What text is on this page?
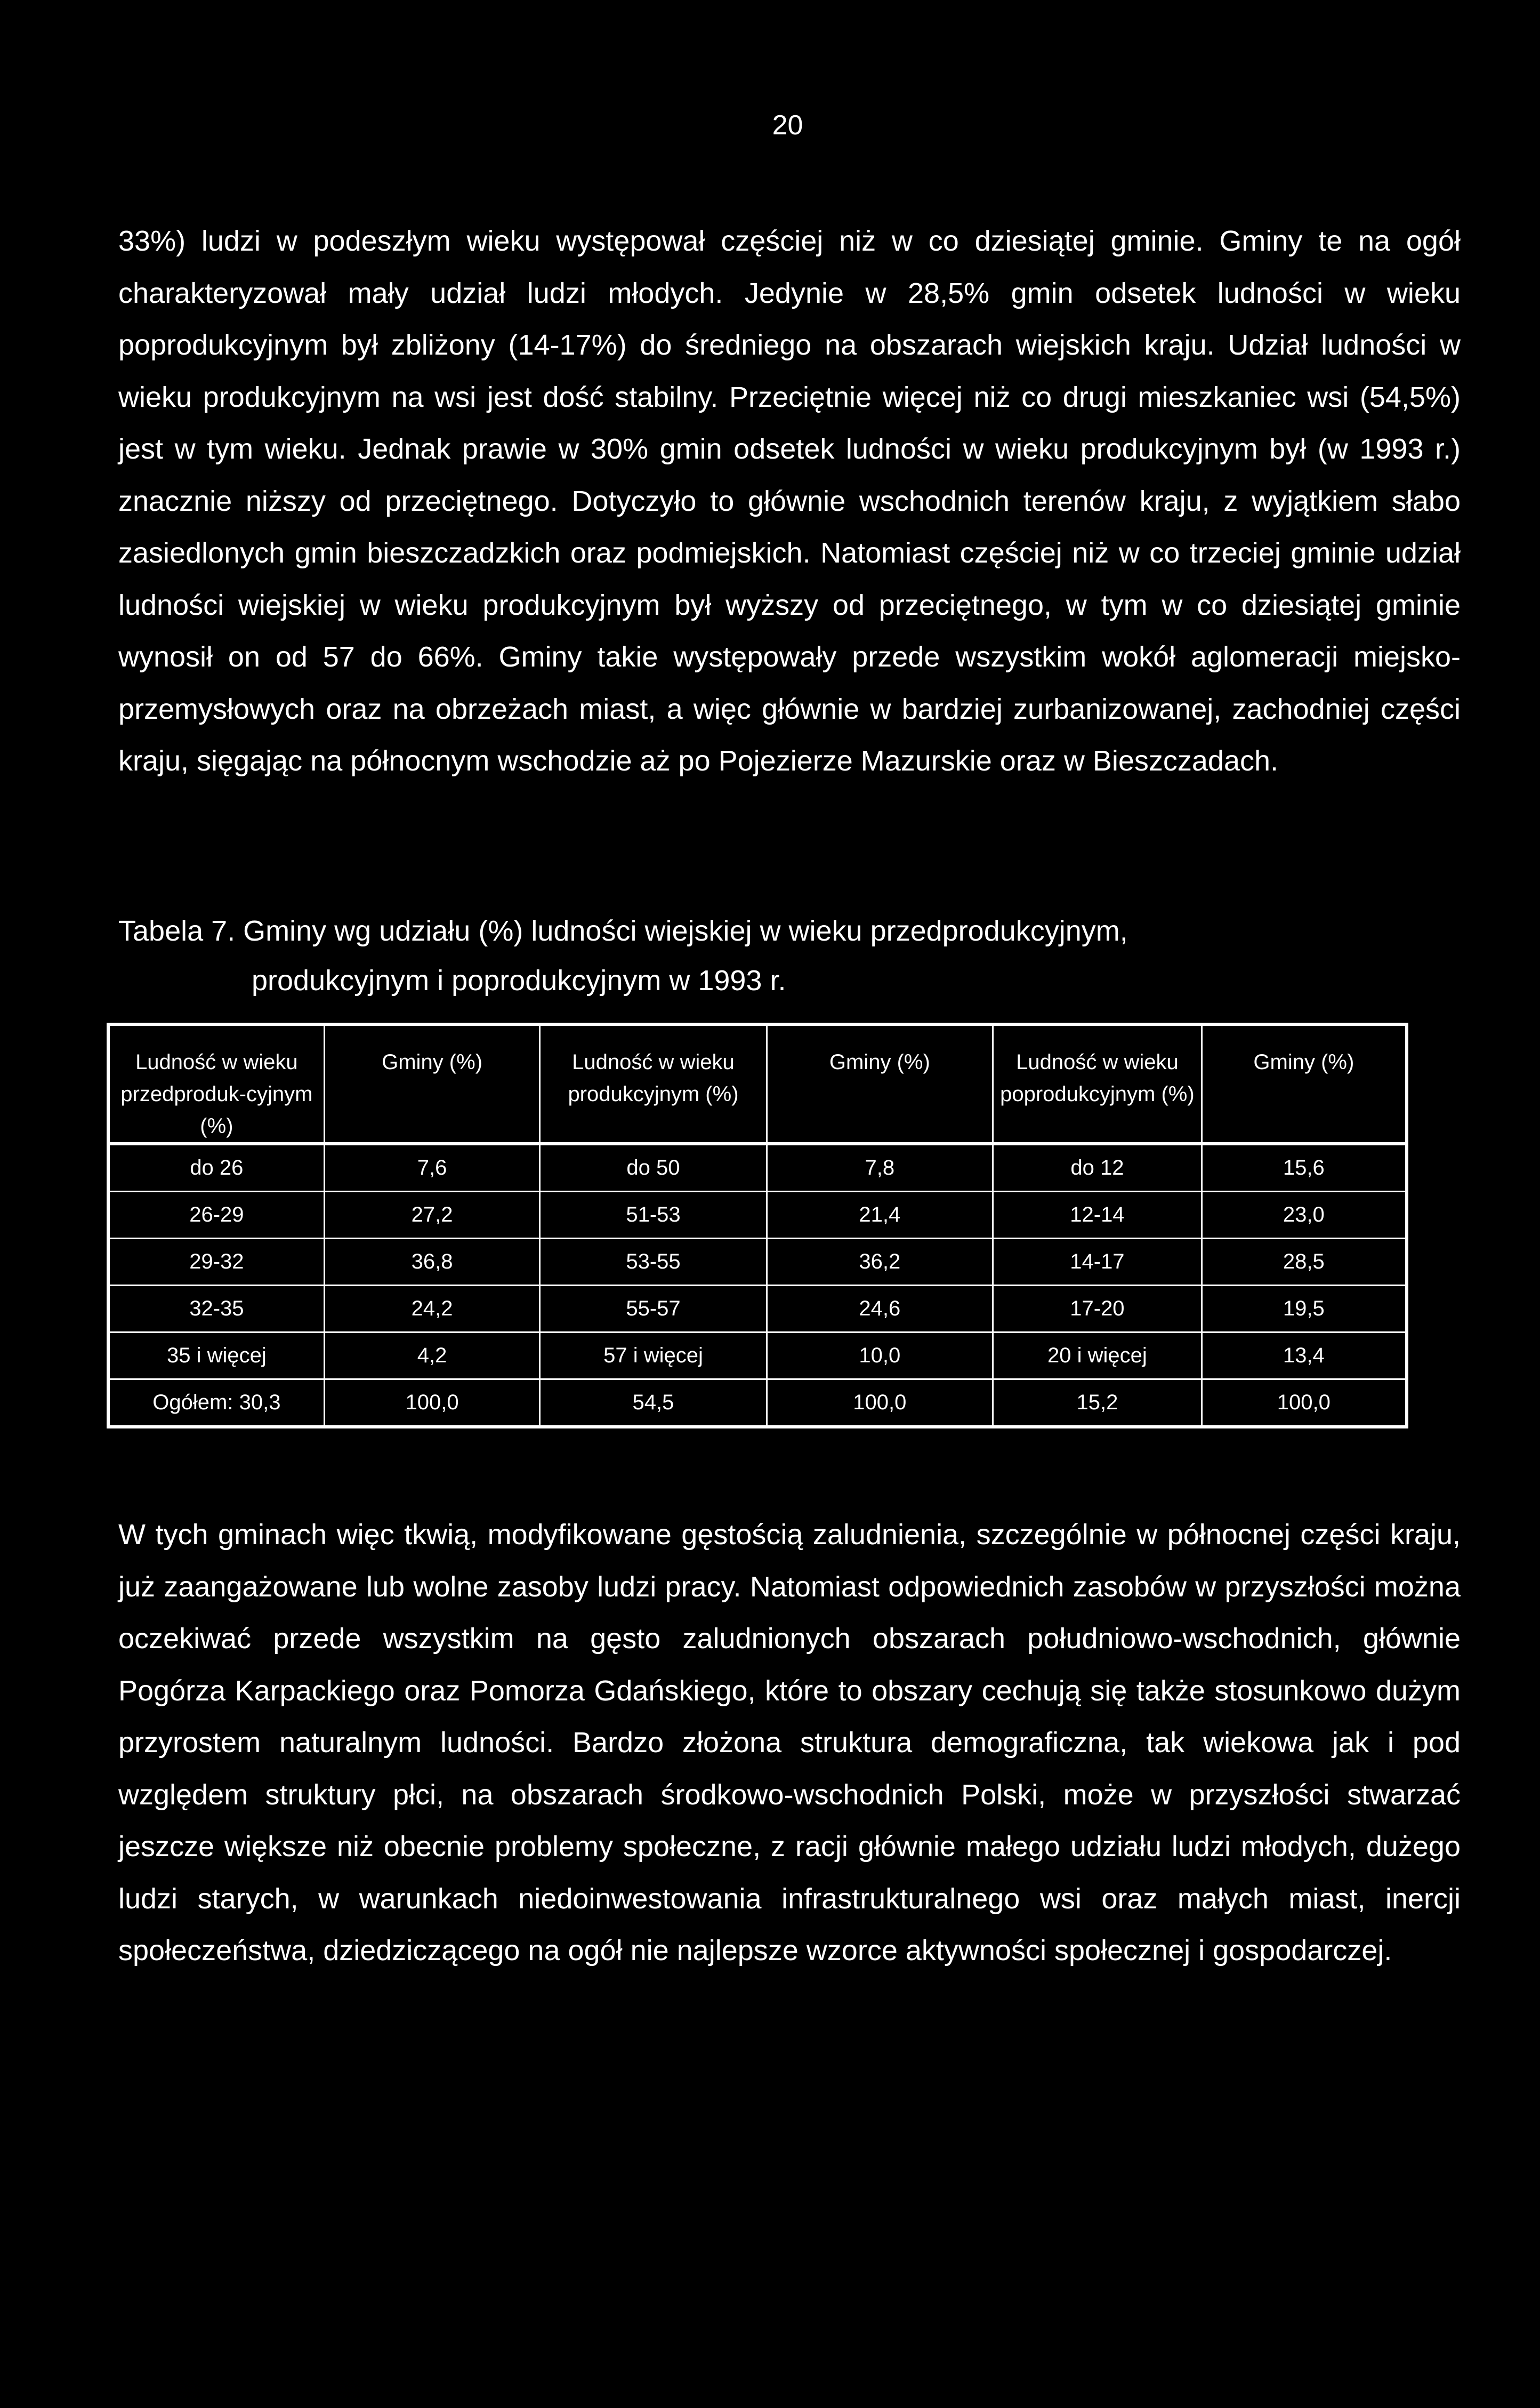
20

33%) ludzi w podeszłym wieku występował częściej niż w co dziesiątej gminie. Gminy te na ogół charakteryzował mały udział ludzi młodych. Jedynie w 28,5% gmin odsetek ludności w wieku poprodukcyjnym był zbliżony (14-17%) do średniego na obszarach wiejskich kraju. Udział ludności w wieku produkcyjnym na wsi jest dość stabilny. Przeciętnie więcej niż co drugi mieszkaniec wsi (54,5%) jest w tym wieku. Jednak prawie w 30% gmin odsetek ludności w wieku produkcyjnym był (w 1993 r.) znacznie niższy od przeciętnego. Dotyczyło to głównie wschodnich terenów kraju, z wyjątkiem słabo zasiedlonych gmin bieszczadzkich oraz podmiejskich. Natomiast częściej niż w co trzeciej gminie udział ludności wiejskiej w wieku produkcyjnym był wyższy od przeciętnego, w tym w co dziesiątej gminie wynosił on od 57 do 66%. Gminy takie występowały przede wszystkim wokół aglomeracji miejsko-przemysłowych oraz na obrzeżach miast, a więc głównie w bardziej zurbanizowanej, zachodniej części kraju, sięgając na północnym wschodzie aż po Pojezierze Mazurskie oraz w Bieszczadach.

Tabela 7. Gminy wg udziału (%) ludności wiejskiej w wieku przedprodukcyjnym,
produkcyjnym i poprodukcyjnym w 1993 r.
Ludność w wieku przedproduk-cyjnym (%)	Gminy (%)	Ludność w wieku produkcyjnym (%)	Gminy (%)	Ludność w wieku poprodukcyjnym (%)	Gminy (%)
do 26	7,6	do 50	7,8	do 12	15,6
26-29	27,2	51-53	21,4	12-14	23,0
29-32	36,8	53-55	36,2	14-17	28,5
32-35	24,2	55-57	24,6	17-20	19,5
35 i więcej	4,2	57 i więcej	10,0	20 i więcej	13,4
Ogółem: 30,3	100,0	54,5	100,0	15,2	100,0

W tych gminach więc tkwią, modyfikowane gęstością zaludnienia, szczególnie w północnej części kraju, już zaangażowane lub wolne zasoby ludzi pracy. Natomiast odpowiednich zasobów w przyszłości można oczekiwać przede wszystkim na gęsto zaludnionych obszarach południowo-wschodnich, głównie Pogórza Karpackiego oraz Pomorza Gdańskiego, które to obszary cechują się także stosunkowo dużym przyrostem naturalnym ludności. Bardzo złożona struktura demograficzna, tak wiekowa jak i pod względem struktury płci, na obszarach środkowo-wschodnich Polski, może w przyszłości stwarzać jeszcze większe niż obecnie problemy społeczne, z racji głównie małego udziału ludzi młodych, dużego ludzi starych, w warunkach niedoinwestowania infrastrukturalnego wsi oraz małych miast, inercji społeczeństwa, dziedziczącego na ogół nie najlepsze wzorce aktywności społecznej i gospodarczej.
